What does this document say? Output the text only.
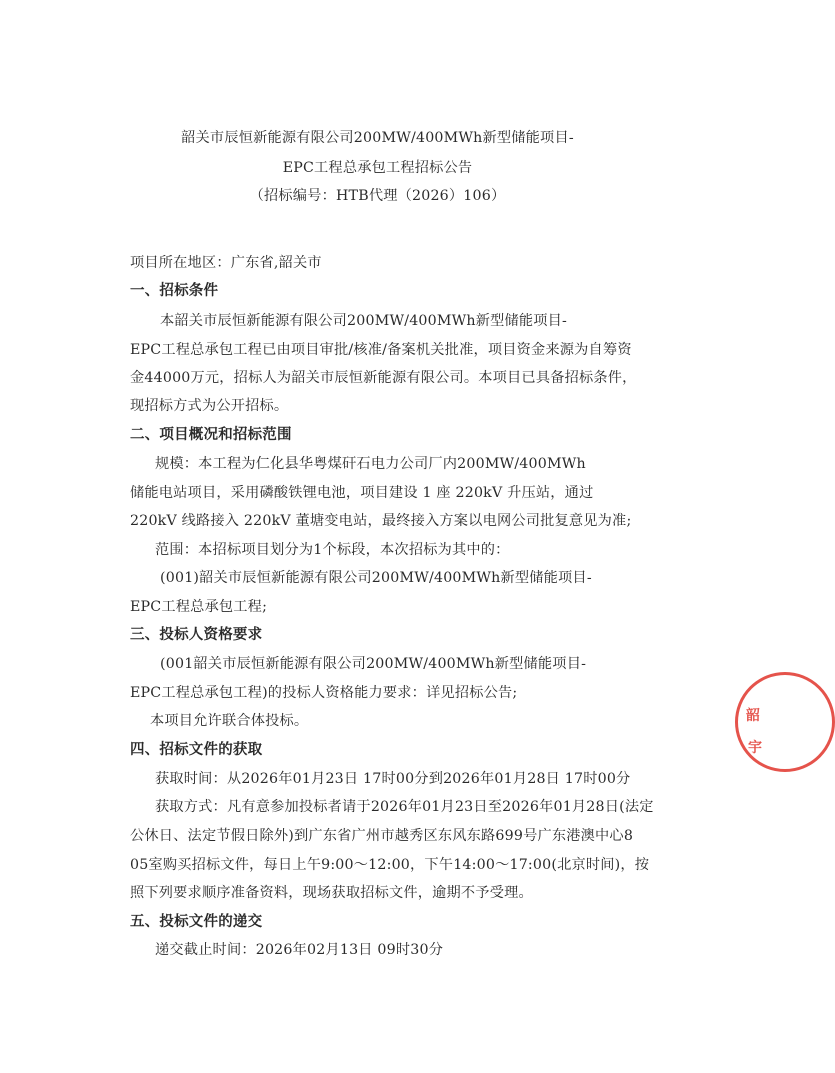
韶关市辰恒新能源有限公司200MW/400MWh新型储能项目-
EPC工程总承包工程招标公告
（招标编号：HTB代理（2026）106）
项目所在地区：广东省,韶关市
一、招标条件
本韶关市辰恒新能源有限公司200MW/400MWh新型储能项目-
EPC工程总承包工程已由项目审批/核准/备案机关批准，项目资金来源为自筹资
金44000万元，招标人为韶关市辰恒新能源有限公司。本项目已具备招标条件，
现招标方式为公开招标。
二、项目概况和招标范围
规模：本工程为仁化县华粤煤矸石电力公司厂内200MW/400MWh
储能电站项目，采用磷酸铁锂电池，项目建设 1 座 220kV 升压站，通过
220kV 线路接入 220kV 董塘变电站，最终接入方案以电网公司批复意见为准;
范围：本招标项目划分为1个标段，本次招标为其中的：
(001)韶关市辰恒新能源有限公司200MW/400MWh新型储能项目-
EPC工程总承包工程;
三、投标人资格要求
(001韶关市辰恒新能源有限公司200MW/400MWh新型储能项目-
EPC工程总承包工程)的投标人资格能力要求：详见招标公告;
本项目允许联合体投标。
四、招标文件的获取
获取时间：从2026年01月23日 17时00分到2026年01月28日 17时00分
获取方式：凡有意参加投标者请于2026年01月23日至2026年01月28日(法定
公休日、法定节假日除外)到广东省广州市越秀区东风东路699号广东港澳中心8
05室购买招标文件，每日上午9:00～12:00，下午14:00～17:00(北京时间)，按
照下列要求顺序准备资料，现场获取招标文件，逾期不予受理。
五、投标文件的递交
递交截止时间：2026年02月13日 09时30分
韶
宇
